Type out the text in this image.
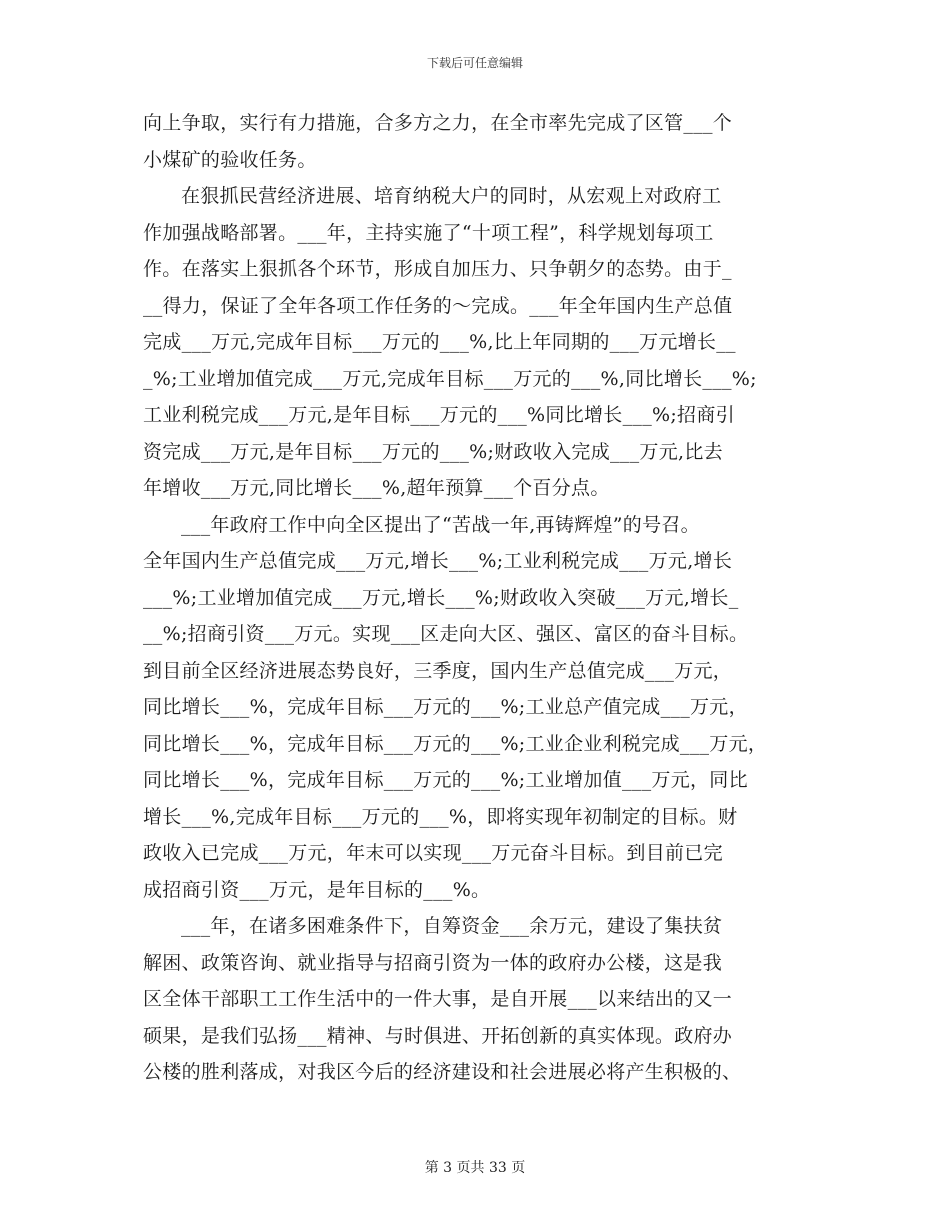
下载后可任意编辑
向上争取，实行有力措施，合多方之力，在全市率先完成了区管___个
小煤矿的验收任务。
在狠抓民营经济进展、培育纳税大户的同时，从宏观上对政府工
作加强战略部署。___年，主持实施了“十项工程”，科学规划每项工
作。在落实上狠抓各个环节，形成自加压力、只争朝夕的态势。由于_
__得力，保证了全年各项工作任务的～完成。___年全年国内生产总值
完成___万元,完成年目标___万元的___%,比上年同期的___万元增长__
_%;工业增加值完成___万元,完成年目标___万元的___%,同比增长___%;
工业利税完成___万元,是年目标___万元的___%同比增长___%;招商引
资完成___万元,是年目标___万元的___%;财政收入完成___万元,比去
年增收___万元,同比增长___%,超年预算___个百分点。
___年政府工作中向全区提出了“苦战一年,再铸辉煌”的号召。
全年国内生产总值完成___万元,增长___%;工业利税完成___万元,增长
___%;工业增加值完成___万元,增长___%;财政收入突破___万元,增长_
__%;招商引资___万元。实现___区走向大区、强区、富区的奋斗目标。
到目前全区经济进展态势良好，三季度，国内生产总值完成___万元，
同比增长___%，完成年目标___万元的___%;工业总产值完成___万元，
同比增长___%，完成年目标___万元的___%;工业企业利税完成___万元，
同比增长___%，完成年目标___万元的___%;工业增加值___万元，同比
增长___%,完成年目标___万元的___%，即将实现年初制定的目标。财
政收入已完成___万元，年末可以实现___万元奋斗目标。到目前已完
成招商引资___万元，是年目标的___%。
___年，在诸多困难条件下，自筹资金___余万元，建设了集扶贫
解困、政策咨询、就业指导与招商引资为一体的政府办公楼，这是我
区全体干部职工工作生活中的一件大事，是自开展___以来结出的又一
硕果，是我们弘扬___精神、与时俱进、开拓创新的真实体现。政府办
公楼的胜利落成，对我区今后的经济建设和社会进展必将产生积极的、
第 3 页共 33 页
